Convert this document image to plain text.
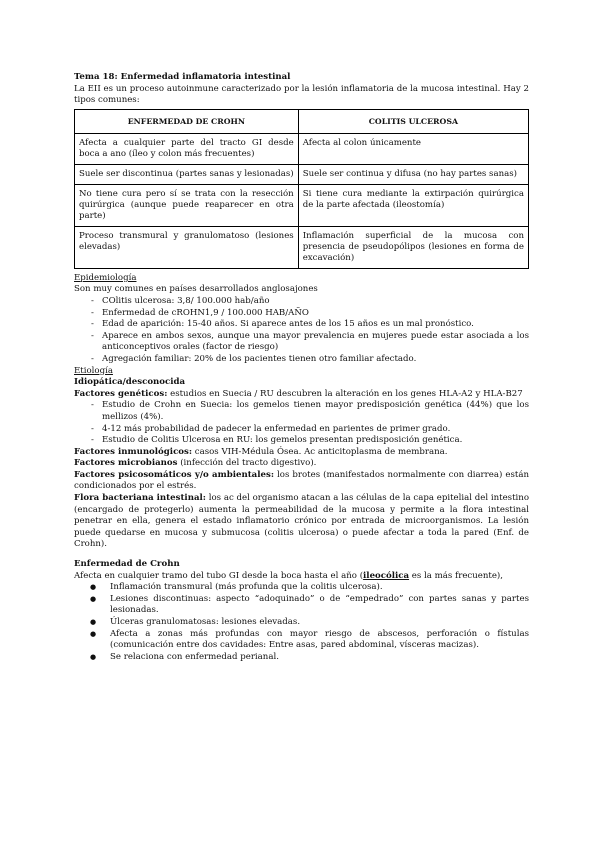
Tema 18: Enfermedad inflamatoria intestinal

La EII es un proceso autoinmune caracterizado por la lesión inflamatoria de la mucosa intestinal. Hay 2 tipos comunes:

ENFERMEDAD DE CROHN	COLITIS ULCEROSA
Afecta a cualquier parte del tracto GI desde boca a ano (íleo y colon más frecuentes)	Afecta al colon únicamente
Suele ser discontinua (partes sanas y lesionadas)	Suele ser continua y difusa (no hay partes sanas)
No tiene cura pero sí se trata con la resección quirúrgica (aunque puede reaparecer en otra parte)	Si tiene cura mediante la extirpación quirúrgica de la parte afectada (ileostomía)
Proceso transmural y granulomatoso (lesiones elevadas)	Inflamación superficial de la mucosa con presencia de pseudopólipos (lesiones en forma de excavación)

Epidemiología

Son muy comunes en países desarrollados anglosajones

- COlitis ulcerosa: 3,8/ 100.000 hab/año
- Enfermedad de cROHN1,9 / 100.000 HAB/AÑO
- Edad de aparición: 15-40 años. Si aparece antes de los 15 años es un mal pronóstico.
- Aparece en ambos sexos, aunque una mayor prevalencia en mujeres puede estar asociada a los anticonceptivos orales (factor de riesgo)
- Agregación familiar: 20% de los pacientes tienen otro familiar afectado.

Etiología

Idiopática/desconocida

Factores genéticos: estudios en Suecia / RU descubren la alteración en los genes HLA-A2 y HLA-B27

- Estudio de Crohn en Suecia: los gemelos tienen mayor predisposición genética (44%) que los mellizos (4%).
- 4-12 más probabilidad de padecer la enfermedad en parientes de primer grado.
- Estudio de Colitis Ulcerosa en RU: los gemelos presentan predisposición genética.

Factores inmunológicos: casos VIH-Médula Ósea. Ac anticitoplasma de membrana.

Factores microbianos (infección del tracto digestivo).

Factores psicosomáticos y/o ambientales: los brotes (manifestados normalmente con diarrea) están condicionados por el estrés.

Flora bacteriana intestinal: los ac del organismo atacan a las células de la capa epitelial del intestino (encargado de protegerlo) aumenta la permeabilidad de la mucosa y permite a la flora intestinal penetrar en ella, genera el estado inflamatorio crónico por entrada de microorganismos. La lesión puede quedarse en mucosa y submucosa (colitis ulcerosa) o puede afectar a toda la pared (Enf. de Crohn).

Enfermedad de Crohn

Afecta en cualquier tramo del tubo GI desde la boca hasta el año (ileocólica es la más frecuente),

● Inflamación transmural (más profunda que la colitis ulcerosa).
● Lesiones discontinuas: aspecto “adoquinado” o de “empedrado” con partes sanas y partes lesionadas.
● Úlceras granulomatosas: lesiones elevadas.
● Afecta a zonas más profundas con mayor riesgo de abscesos, perforación o fístulas (comunicación entre dos cavidades: Entre asas, pared abdominal, vísceras macizas).
● Se relaciona con enfermedad perianal.
